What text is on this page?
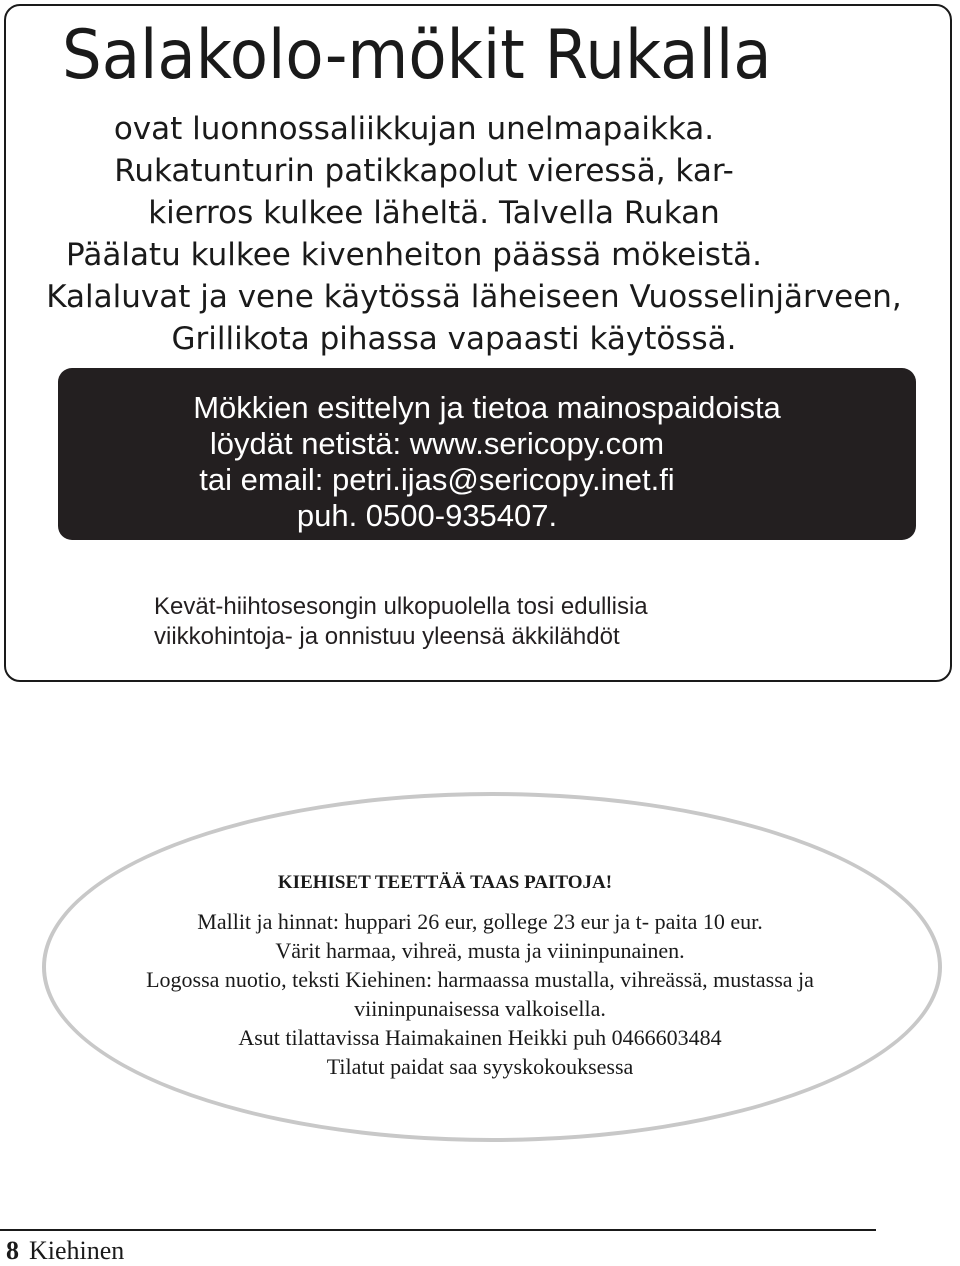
Salakolo-mökit Rukalla
ovat luonnossaliikkujan unelmapaikka.
Rukatunturin patikkapolut vieressä, kar-
kierros kulkee läheltä. Talvella Rukan
Päälatu kulkee kivenheiton päässä mökeistä.
Kalaluvat ja vene käytössä läheiseen Vuosselinjärveen,
Grillikota pihassa vapaasti käytössä.
Mökkien esittelyn ja tietoa mainospaidoista
löydät netistä: www.sericopy.com
tai email: petri.ijas@sericopy.inet.fi
puh. 0500-935407.
Kevät-hiihtosesongin ulkopuolella tosi edullisia
viikkohintoja- ja onnistuu yleensä äkkilähdöt
KIEHISET TEETTÄÄ TAAS PAITOJA!
Mallit ja hinnat: huppari 26 eur, gollege 23 eur ja t- paita 10 eur.
Värit harmaa, vihreä, musta ja viininpunainen.
Logossa nuotio, teksti Kiehinen: harmaassa mustalla, vihreässä, mustassa ja
viininpunaisessa valkoisella.
Asut tilattavissa Haimakainen Heikki puh 0466603484
Tilatut paidat saa syyskokouksessa
8 Kiehinen
